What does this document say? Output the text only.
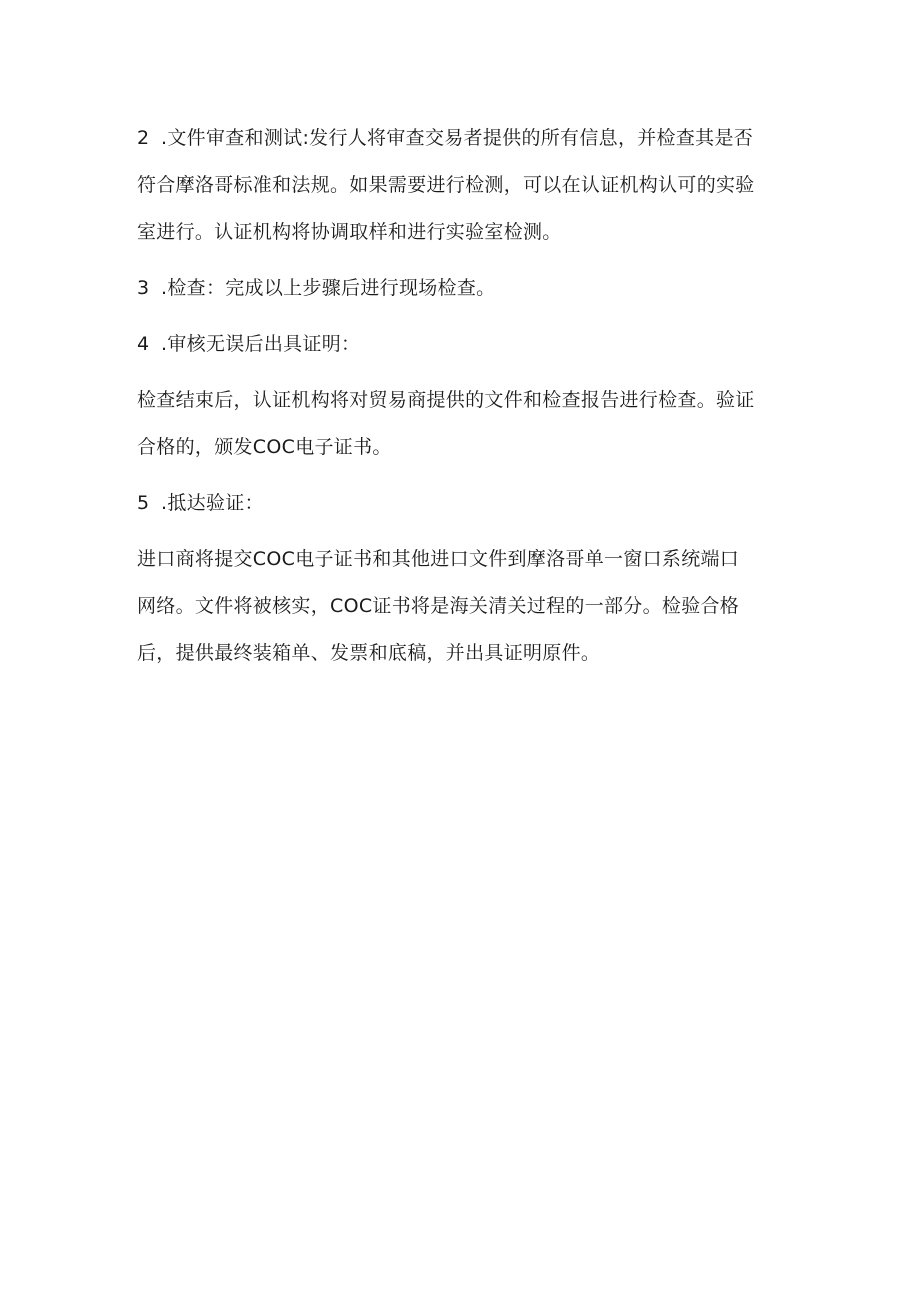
2 .文件审查和测试:发行人将审查交易者提供的所有信息，并检查其是否
符合摩洛哥标准和法规。如果需要进行检测，可以在认证机构认可的实验
室进行。认证机构将协调取样和进行实验室检测。
3 .检查：完成以上步骤后进行现场检查。
4 .审核无误后出具证明：
检查结束后，认证机构将对贸易商提供的文件和检查报告进行检查。验证
合格的，颁发COC电子证书。
5 .抵达验证：
进口商将提交COC电子证书和其他进口文件到摩洛哥单一窗口系统端口
网络。文件将被核实，COC证书将是海关清关过程的一部分。检验合格
后，提供最终装箱单、发票和底稿，并出具证明原件。
